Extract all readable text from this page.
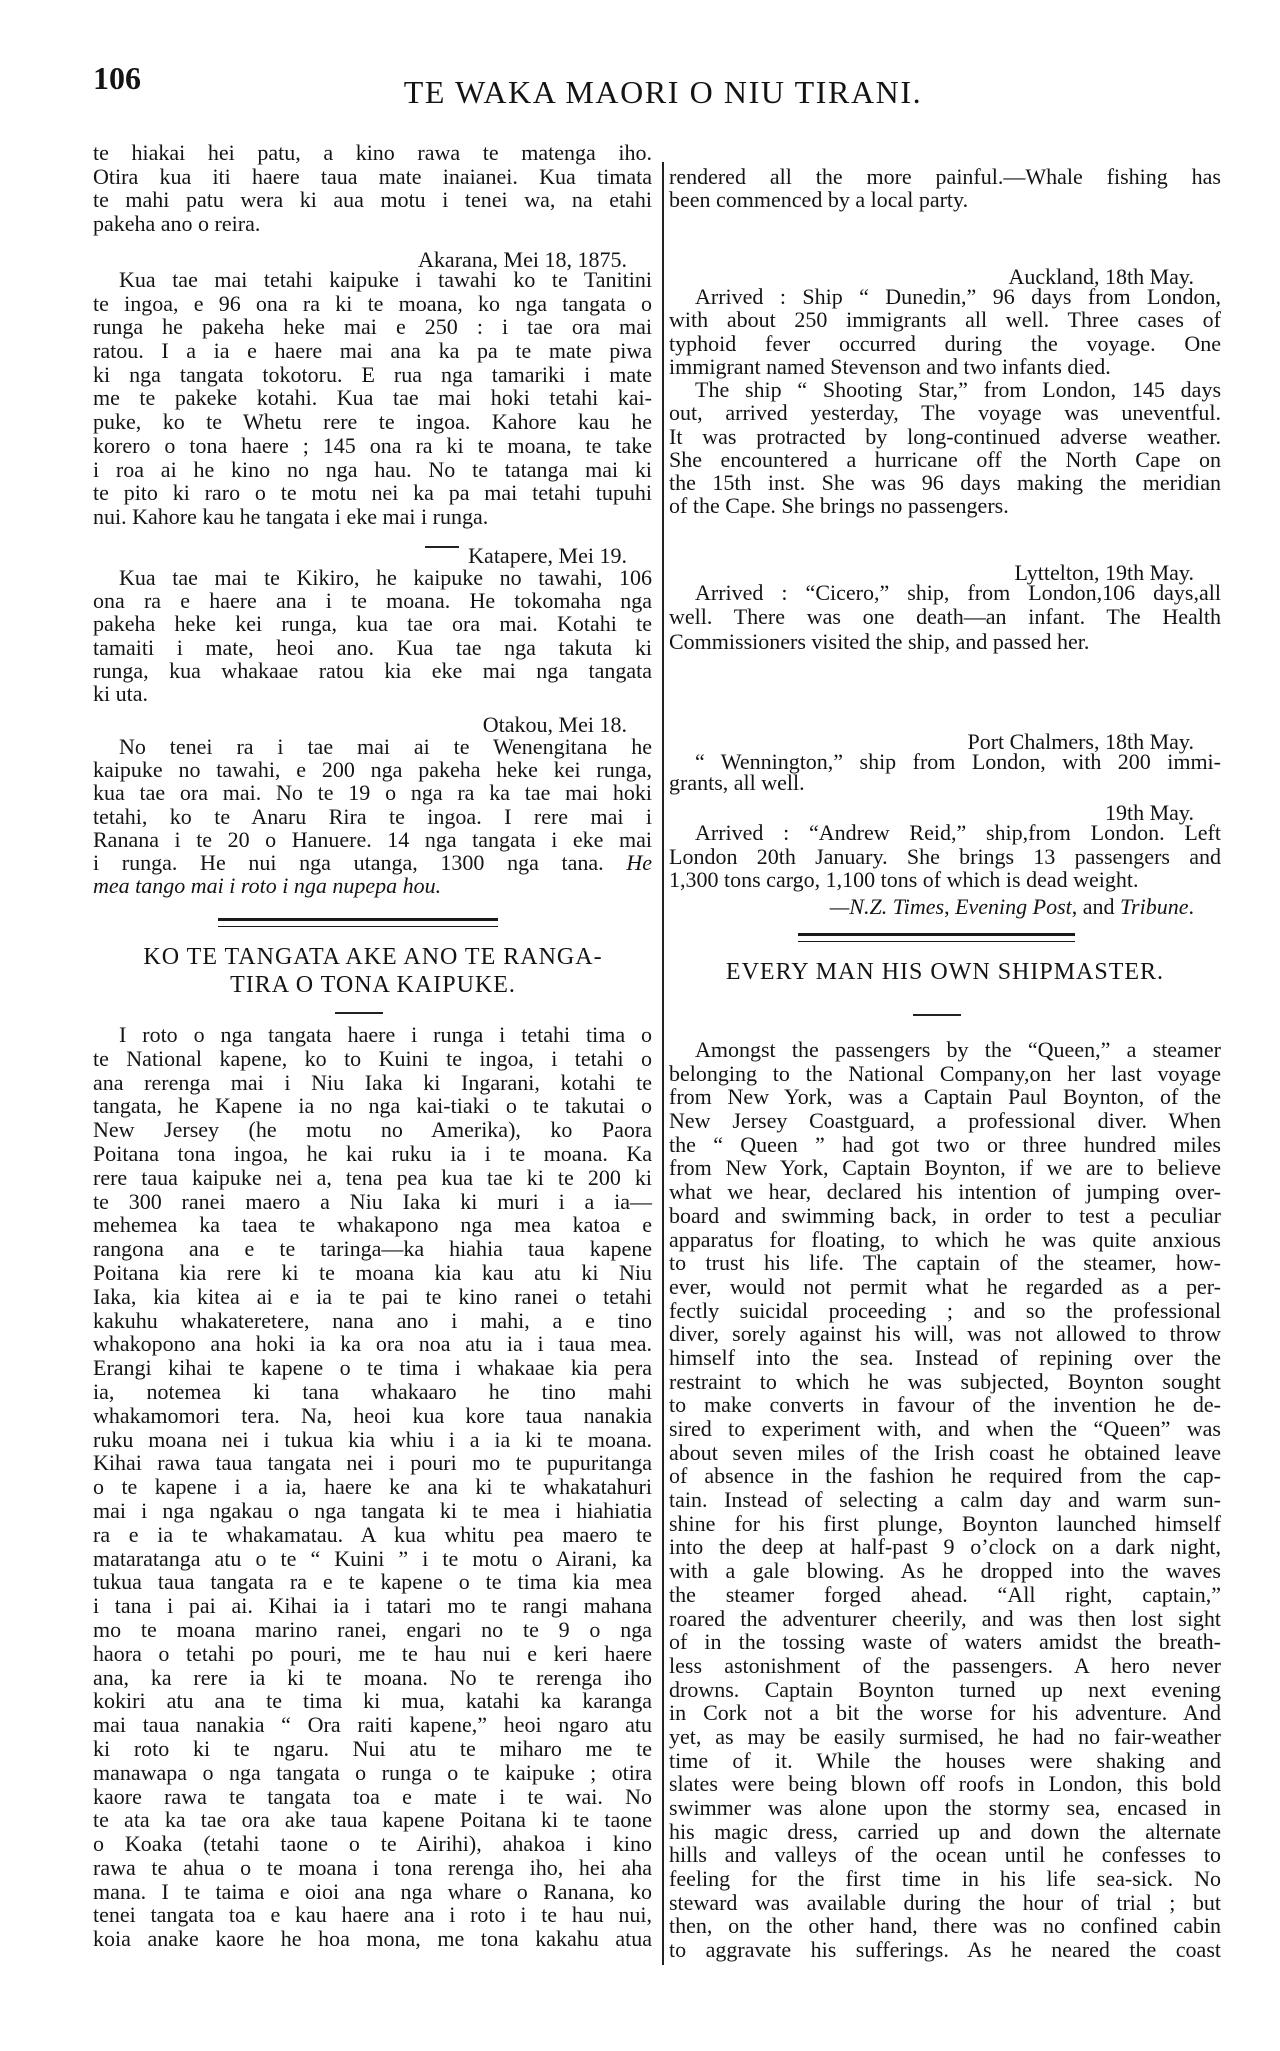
106	TE WAKA MAORI O NIU TIRANI.
te hiakai hei patu, a kino rawa te matenga iho.
Otira kua iti haere taua mate inaianei. Kua timata
te mahi patu wera ki aua motu i tenei wa, na etahi
pakeha ano o reira.
Akarana, Mei 18, 1875.
Kua tae mai tetahi kaipuke i tawahi ko te Tanitini
te ingoa, e 96 ona ra ki te moana, ko nga tangata o
runga he pakeha heke mai e 250 : i tae ora mai
ratou. I a ia e haere mai ana ka pa te mate piwa
ki nga tangata tokotoru. E rua nga tamariki i mate
me te pakeke kotahi. Kua tae mai hoki tetahi kai-
puke, ko te Whetu rere te ingoa. Kahore kau he
korero o tona haere ; 145 ona ra ki te moana, te take
i roa ai he kino no nga hau. No te tatanga mai ki
te pito ki raro o te motu nei ka pa mai tetahi tupuhi
nui. Kahore kau he tangata i eke mai i runga.
Katapere, Mei 19.
Kua tae mai te Kikiro, he kaipuke no tawahi, 106
ona ra e haere ana i te moana. He tokomaha nga
pakeha heke kei runga, kua tae ora mai. Kotahi te
tamaiti i mate, heoi ano. Kua tae nga takuta ki
runga, kua whakaae ratou kia eke mai nga tangata
ki uta.
Otakou, Mei 18.
No tenei ra i tae mai ai te Wenengitana he
kaipuke no tawahi, e 200 nga pakeha heke kei runga,
kua tae ora mai. No te 19 o nga ra ka tae mai hoki
tetahi, ko te Anaru Rira te ingoa. I rere mai i
Ranana i te 20 o Hanuere. 14 nga tangata i eke mai
i runga. He nui nga utanga, 1300 nga tana. He
mea tango mai i roto i nga nupepa hou.
KO TE TANGATA AKE ANO TE RANGA-
TIRA O TONA KAIPUKE.
I roto o nga tangata haere i runga i tetahi tima o
te National kapene, ko to Kuini te ingoa, i tetahi o
ana rerenga mai i Niu Iaka ki Ingarani, kotahi te
tangata, he Kapene ia no nga kai-tiaki o te takutai o
New Jersey (he motu no Amerika), ko Paora
Poitana tona ingoa, he kai ruku ia i te moana. Ka
rere taua kaipuke nei a, tena pea kua tae ki te 200 ki
te 300 ranei maero a Niu Iaka ki muri i a ia—
mehemea ka taea te whakapono nga mea katoa e
rangona ana e te taringa—ka hiahia taua kapene
Poitana kia rere ki te moana kia kau atu ki Niu
Iaka, kia kitea ai e ia te pai te kino ranei o tetahi
kakuhu whakateretere, nana ano i mahi, a e tino
whakopono ana hoki ia ka ora noa atu ia i taua mea.
Erangi kihai te kapene o te tima i whakaae kia pera
ia, notemea ki tana whakaaro he tino mahi
whakamomori tera. Na, heoi kua kore taua nanakia
ruku moana nei i tukua kia whiu i a ia ki te moana.
Kihai rawa taua tangata nei i pouri mo te pupuritanga
o te kapene i a ia, haere ke ana ki te whakatahuri
mai i nga ngakau o nga tangata ki te mea i hiahiatia
ra e ia te whakamatau. A kua whitu pea maero te
mataratanga atu o te “ Kuini ” i te motu o Airani, ka
tukua taua tangata ra e te kapene o te tima kia mea
i tana i pai ai. Kihai ia i tatari mo te rangi mahana
mo te moana marino ranei, engari no te 9 o nga
haora o tetahi po pouri, me te hau nui e keri haere
ana, ka rere ia ki te moana. No te rerenga iho
kokiri atu ana te tima ki mua, katahi ka karanga
mai taua nanakia “ Ora raiti kapene,” heoi ngaro atu
ki roto ki te ngaru. Nui atu te miharo me te
manawapa o nga tangata o runga o te kaipuke ; otira
kaore rawa te tangata toa e mate i te wai. No
te ata ka tae ora ake taua kapene Poitana ki te taone
o Koaka (tetahi taone o te Airihi), ahakoa i kino
rawa te ahua o te moana i tona rerenga iho, hei aha
mana. I te taima e oioi ana nga whare o Ranana, ko
tenei tangata toa e kau haere ana i roto i te hau nui,
koia anake kaore he hoa mona, me tona kakahu atua
rendered all the more painful.—Whale fishing has
been commenced by a local party.
Auckland, 18th May.
Arrived : Ship “ Dunedin,” 96 days from London,
with about 250 immigrants all well. Three cases of
typhoid fever occurred during the voyage. One
immigrant named Stevenson and two infants died.
The ship “ Shooting Star,” from London, 145 days
out, arrived yesterday, The voyage was uneventful.
It was protracted by long-continued adverse weather.
She encountered a hurricane off the North Cape on
the 15th inst. She was 96 days making the meridian
of the Cape. She brings no passengers.
Lyttelton, 19th May.
Arrived : “Cicero,” ship, from London,106 days,all
well. There was one death—an infant. The Health
Commissioners visited the ship, and passed her.
Port Chalmers, 18th May.
“ Wennington,” ship from London, with 200 immi-
grants, all well.
19th May.
Arrived : “Andrew Reid,” ship,from London. Left
London 20th January. She brings 13 passengers and
1,300 tons cargo, 1,100 tons of which is dead weight.
—N.Z. Times, Evening Post, and Tribune.
EVERY MAN HIS OWN SHIPMASTER.
Amongst the passengers by the “Queen,” a steamer
belonging to the National Company,on her last voyage
from New York, was a Captain Paul Boynton, of the
New Jersey Coastguard, a professional diver. When
the “ Queen ” had got two or three hundred miles
from New York, Captain Boynton, if we are to believe
what we hear, declared his intention of jumping over-
board and swimming back, in order to test a peculiar
apparatus for floating, to which he was quite anxious
to trust his life. The captain of the steamer, how-
ever, would not permit what he regarded as a per-
fectly suicidal proceeding ; and so the professional
diver, sorely against his will, was not allowed to throw
himself into the sea. Instead of repining over the
restraint to which he was subjected, Boynton sought
to make converts in favour of the invention he de-
sired to experiment with, and when the “Queen” was
about seven miles of the Irish coast he obtained leave
of absence in the fashion he required from the cap-
tain. Instead of selecting a calm day and warm sun-
shine for his first plunge, Boynton launched himself
into the deep at half-past 9 o’clock on a dark night,
with a gale blowing. As he dropped into the waves
the steamer forged ahead. “All right, captain,”
roared the adventurer cheerily, and was then lost sight
of in the tossing waste of waters amidst the breath-
less astonishment of the passengers. A hero never
drowns. Captain Boynton turned up next evening
in Cork not a bit the worse for his adventure. And
yet, as may be easily surmised, he had no fair-weather
time of it. While the houses were shaking and
slates were being blown off roofs in London, this bold
swimmer was alone upon the stormy sea, encased in
his magic dress, carried up and down the alternate
hills and valleys of the ocean until he confesses to
feeling for the first time in his life sea-sick. No
steward was available during the hour of trial ; but
then, on the other hand, there was no confined cabin
to aggravate his sufferings. As he neared the coast
